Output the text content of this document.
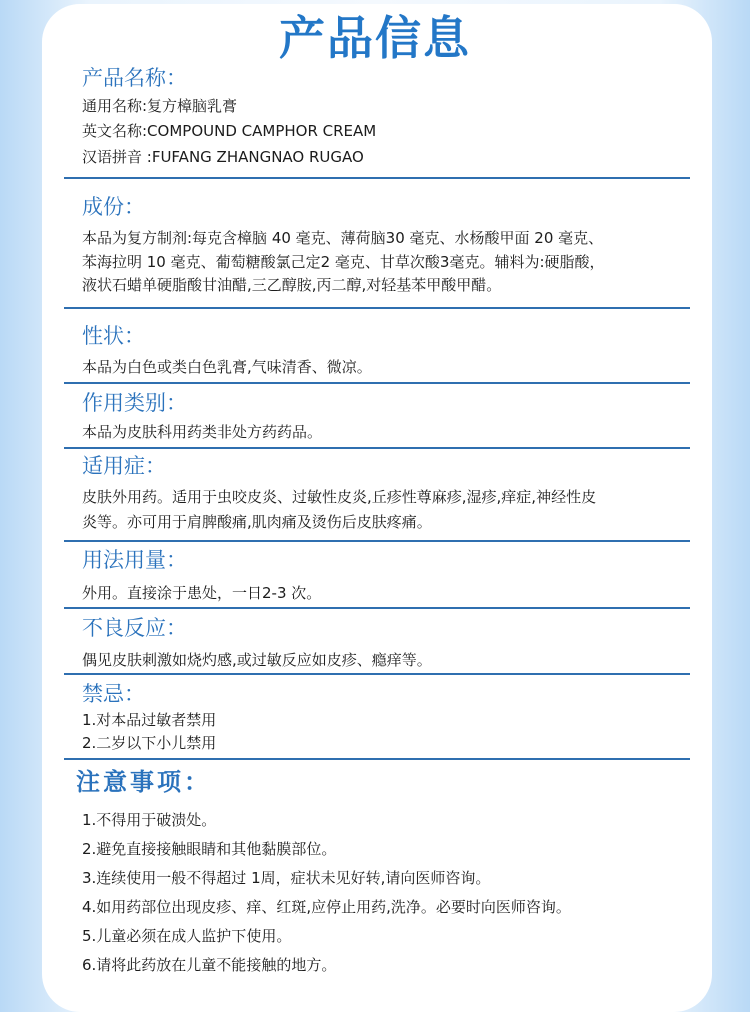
产品信息
产品名称：
通用名称:复方樟脑乳膏
英文名称:COMPOUND CAMPHOR CREAM
汉语拼音 :FUFANG ZHANGNAO RUGAO
成份：
本品为复方制剂:每克含樟脑 40 毫克、薄荷脑30 毫克、水杨酸甲面 20 毫克、
苯海拉明 10 毫克、葡萄糖酸氯己定2 毫克、甘草次酸3毫克。辅料为:硬脂酸，
液状石蜡单硬脂酸甘油醋,三乙醇胺,丙二醇,对轻基苯甲酸甲醋。
性状：
本品为白色或类白色乳膏,气味清香、微凉。
作用类别：
本品为皮肤科用药类非处方药药品。
适用症：
皮肤外用药。适用于虫咬皮炎、过敏性皮炎,丘疹性尊麻疹,湿疹,痒症,神经性皮
炎等。亦可用于肩脾酸痛,肌肉痛及烫伤后皮肤疼痛。
用法用量：
外用。直接涂于患处，一日2-3 次。
不良反应：
偶见皮肤刺激如烧灼感,或过敏反应如皮疹、瘾痒等。
禁忌：
1.对本品过敏者禁用
2.二岁以下小儿禁用
注意事项：
1.不得用于破溃处。
2.避免直接接触眼睛和其他黏膜部位。
3.连续使用一般不得超过 1周，症状未见好转,请向医师咨询。
4.如用药部位出现皮疹、痒、红斑,应停止用药,洗净。必要时向医师咨询。
5.儿童必须在成人监护下使用。
6.请将此药放在儿童不能接触的地方。
